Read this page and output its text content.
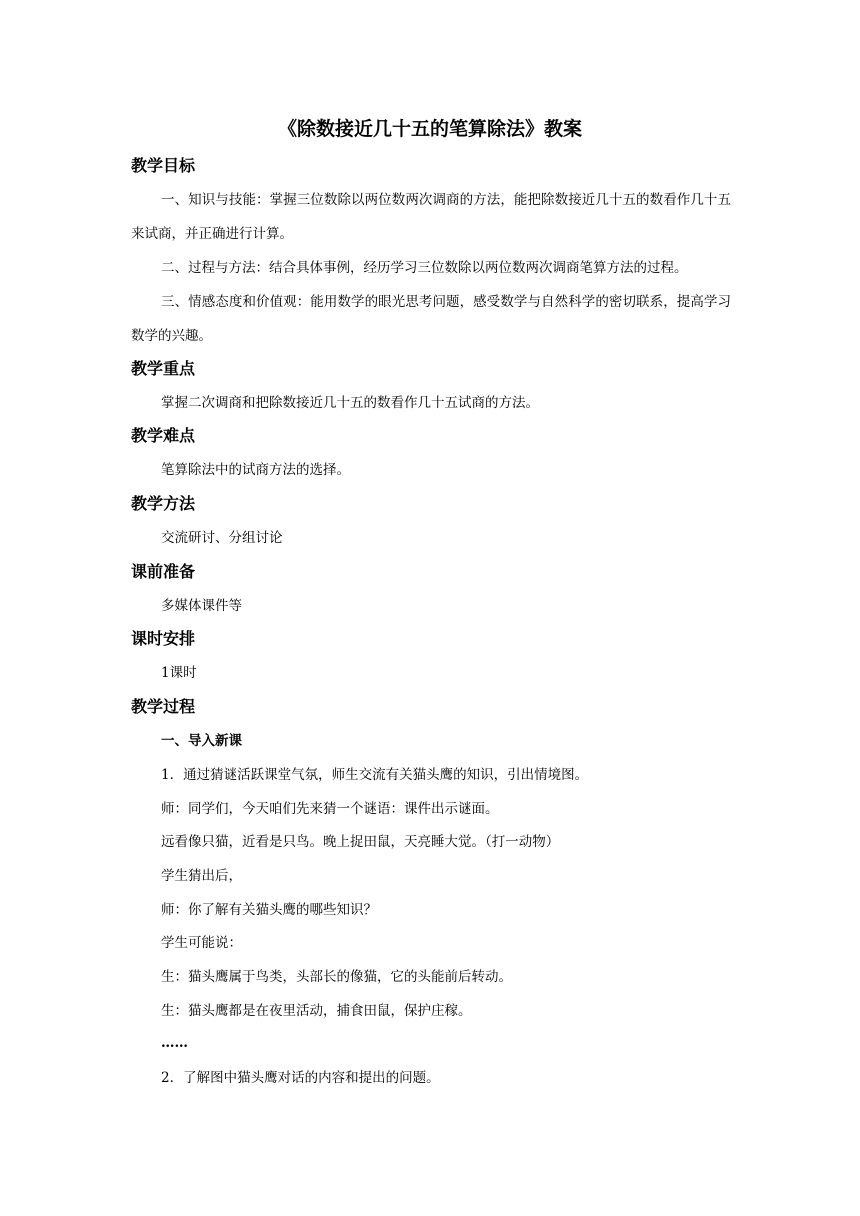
《除数接近几十五的笔算除法》教案
教学目标
一、知识与技能：掌握三位数除以两位数两次调商的方法，能把除数接近几十五的数看作几十五来试商，并正确进行计算。
二、过程与方法：结合具体事例，经历学习三位数除以两位数两次调商笔算方法的过程。
三、情感态度和价值观：能用数学的眼光思考问题，感受数学与自然科学的密切联系，提高学习数学的兴趣。
教学重点
掌握二次调商和把除数接近几十五的数看作几十五试商的方法。
教学难点
笔算除法中的试商方法的选择。
教学方法
交流研讨、分组讨论
课前准备
多媒体课件等
课时安排
1课时
教学过程
一、导入新课
1．通过猜谜活跃课堂气氛，师生交流有关猫头鹰的知识，引出情境图。
师：同学们，今天咱们先来猜一个谜语：课件出示谜面。
远看像只猫，近看是只鸟。晚上捉田鼠，天亮睡大觉。（打一动物）
学生猜出后，
师：你了解有关猫头鹰的哪些知识？
学生可能说：
生：猫头鹰属于鸟类，头部长的像猫，它的头能前后转动。
生：猫头鹰都是在夜里活动，捕食田鼠，保护庄稼。
……
2．了解图中猫头鹰对话的内容和提出的问题。
